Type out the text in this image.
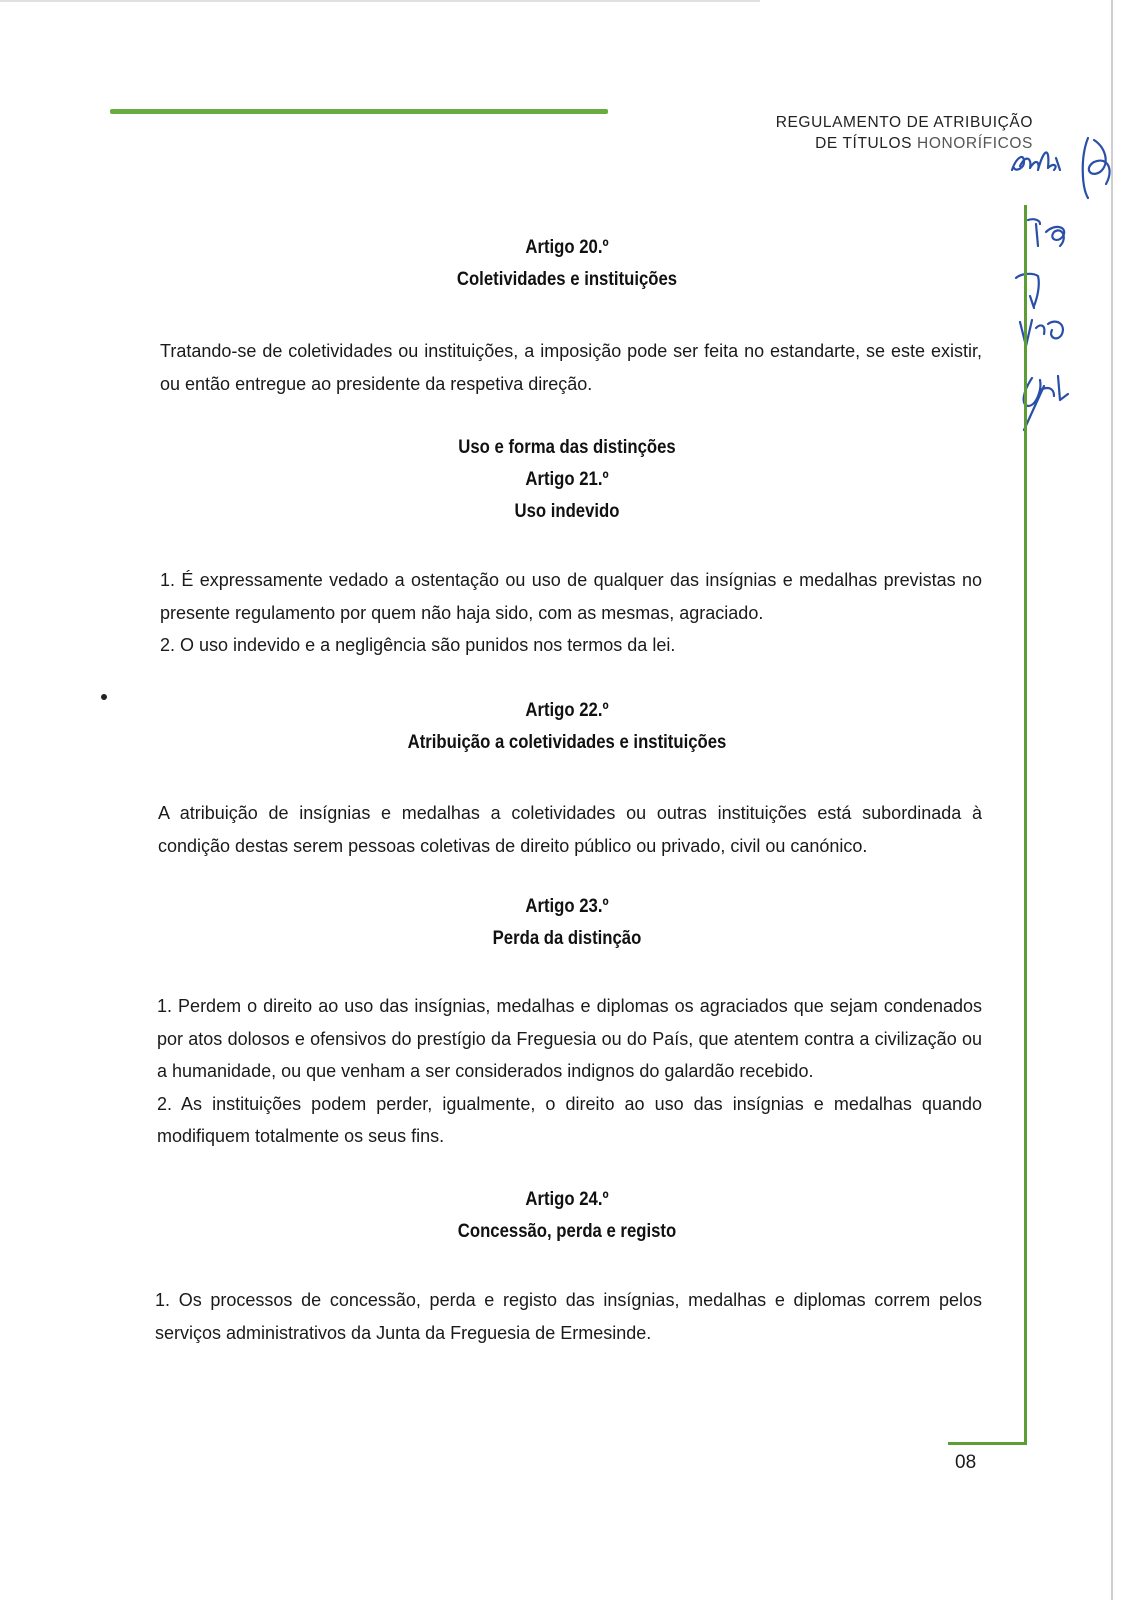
REGULAMENTO DE ATRIBUIÇÃO
DE TÍTULOS HONORÍFICOS

Artigo 20.º

Coletividades e instituições

Tratando-se de coletividades ou instituições, a imposição pode ser feita no estandarte, se este existir, ou então entregue ao presidente da respetiva direção.

Uso e forma das distinções

Artigo 21.º

Uso indevido

1. É expressamente vedado a ostentação ou uso de qualquer das insígnias e medalhas previstas no presente regulamento por quem não haja sido, com as mesmas, agraciado.

2. O uso indevido e a negligência são punidos nos termos da lei.

Artigo 22.º

Atribuição a coletividades e instituições

A atribuição de insígnias e medalhas a coletividades ou outras instituições está subordinada à condição destas serem pessoas coletivas de direito público ou privado, civil ou canónico.

Artigo 23.º

Perda da distinção

1. Perdem o direito ao uso das insígnias, medalhas e diplomas os agraciados que sejam condenados por atos dolosos e ofensivos do prestígio da Freguesia ou do País, que atentem contra a civilização ou a humanidade, ou que venham a ser considerados indignos do galardão recebido.

2. As instituições podem perder, igualmente, o direito ao uso das insígnias e medalhas quando modifiquem totalmente os seus fins.

Artigo 24.º

Concessão, perda e registo

1. Os processos de concessão, perda e registo das insígnias, medalhas e diplomas correm pelos serviços administrativos da Junta da Freguesia de Ermesinde.

08
